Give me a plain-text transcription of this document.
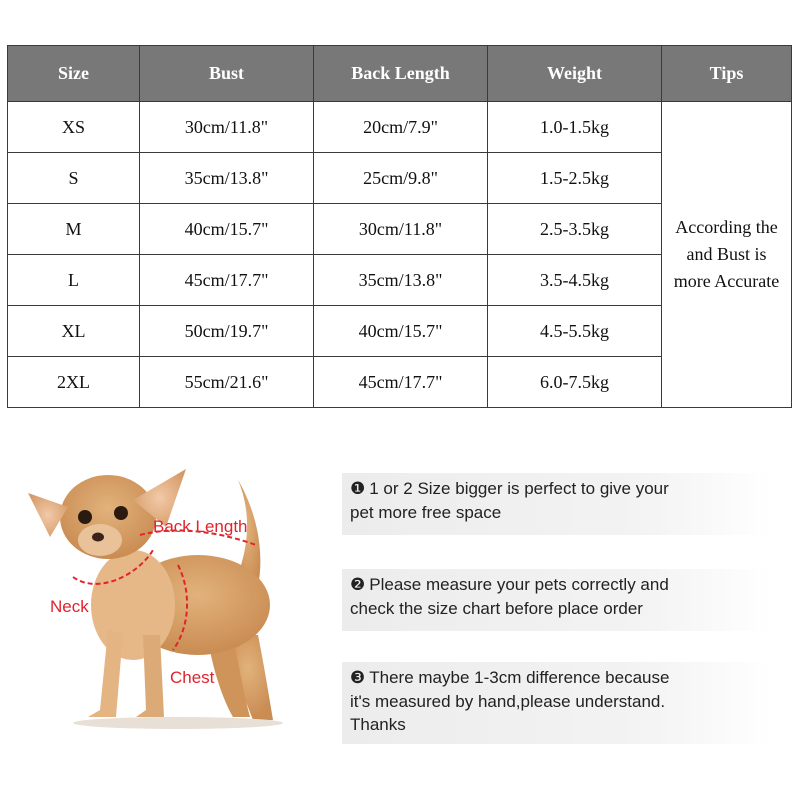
Size	Bust	Back Length	Weight	Tips
XS	30cm/11.8"	20cm/7.9"	1.0-1.5kg	According the
and Bust is
more Accurate

S	35cm/13.8"	25cm/9.8"	1.5-2.5kg	
M	40cm/15.7"	30cm/11.8"	2.5-3.5kg	
L	45cm/17.7"	35cm/13.8"	3.5-4.5kg	
XL	50cm/19.7"	40cm/15.7"	4.5-5.5kg	
2XL	55cm/21.6"	45cm/17.7"	6.0-7.5kg	
Back Length
Neck
Chest
❶ 1 or 2 Size bigger is perfect to give your
pet more free space
❷ Please measure your pets correctly and
check the size chart before place order
❸ There maybe 1-3cm difference because
it's measured by hand,please understand.
Thanks
